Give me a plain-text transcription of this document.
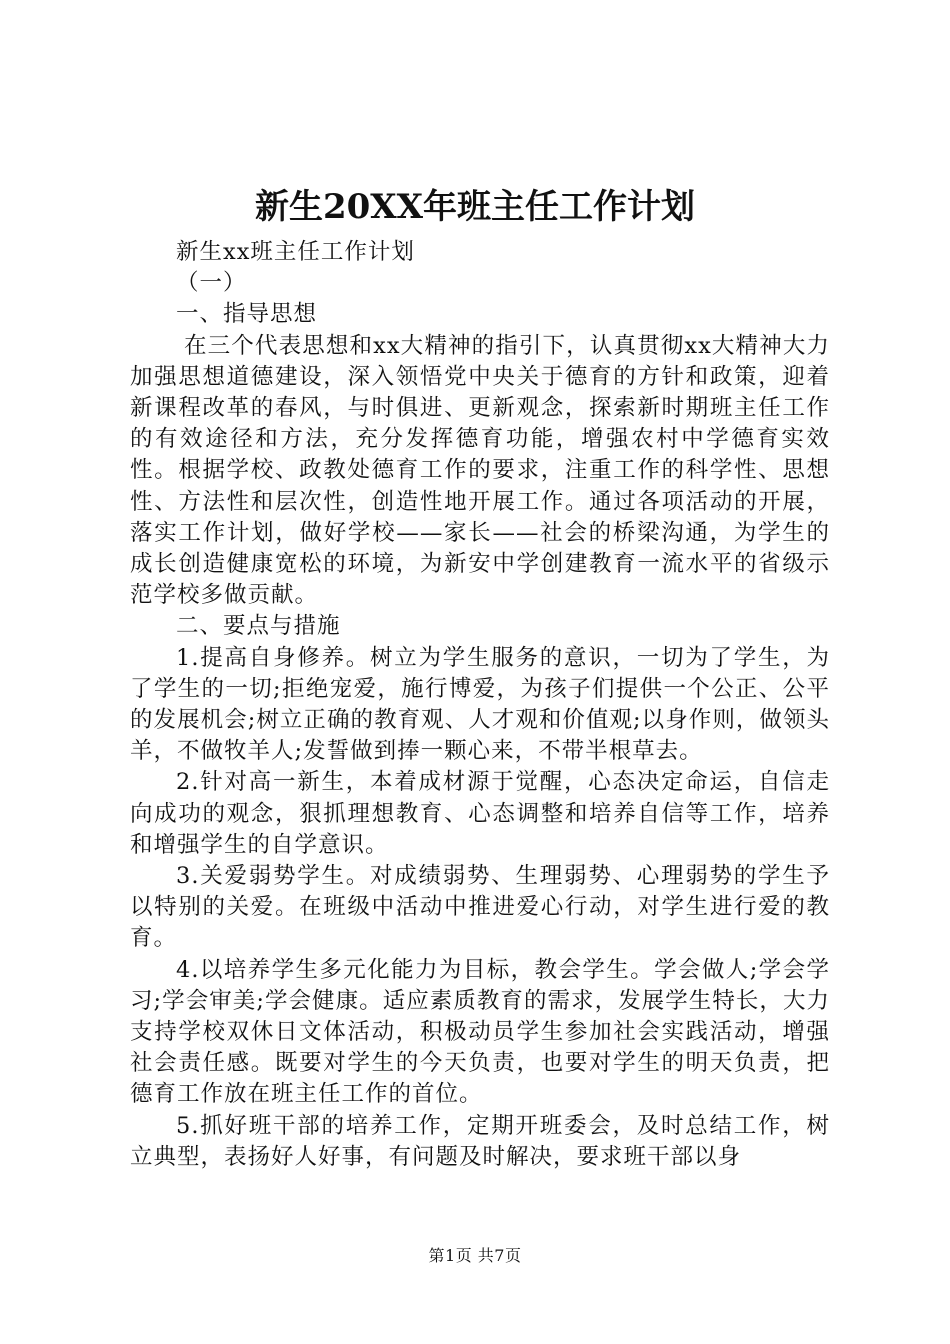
新生20XX年班主任工作计划

新生xx班主任工作计划

（一）

一、指导思想

在三个代表思想和xx大精神的指引下，认真贯彻xx大精神大力加强思想道德建设，深入领悟党中央关于德育的方针和政策，迎着新课程改革的春风，与时俱进、更新观念，探索新时期班主任工作的有效途径和方法，充分发挥德育功能，增强农村中学德育实效性。根据学校、政教处德育工作的要求，注重工作的科学性、思想性、方法性和层次性，创造性地开展工作。通过各项活动的开展，落实工作计划，做好学校——家长——社会的桥梁沟通，为学生的成长创造健康宽松的环境，为新安中学创建教育一流水平的省级示范学校多做贡献。

二、要点与措施

1.提高自身修养。树立为学生服务的意识，一切为了学生，为了学生的一切;拒绝宠爱，施行博爱，为孩子们提供一个公正、公平的发展机会;树立正确的教育观、人才观和价值观;以身作则，做领头羊，不做牧羊人;发誓做到捧一颗心来，不带半根草去。

2.针对高一新生，本着成材源于觉醒，心态决定命运，自信走向成功的观念，狠抓理想教育、心态调整和培养自信等工作，培养和增强学生的自学意识。

3.关爱弱势学生。对成绩弱势、生理弱势、心理弱势的学生予以特别的关爱。在班级中活动中推进爱心行动，对学生进行爱的教育。

4.以培养学生多元化能力为目标，教会学生。学会做人;学会学习;学会审美;学会健康。适应素质教育的需求，发展学生特长，大力支持学校双休日文体活动，积极动员学生参加社会实践活动，增强社会责任感。既要对学生的今天负责，也要对学生的明天负责，把德育工作放在班主任工作的首位。

5.抓好班干部的培养工作，定期开班委会，及时总结工作，树立典型，表扬好人好事，有问题及时解决，要求班干部以身

第1页 共7页
